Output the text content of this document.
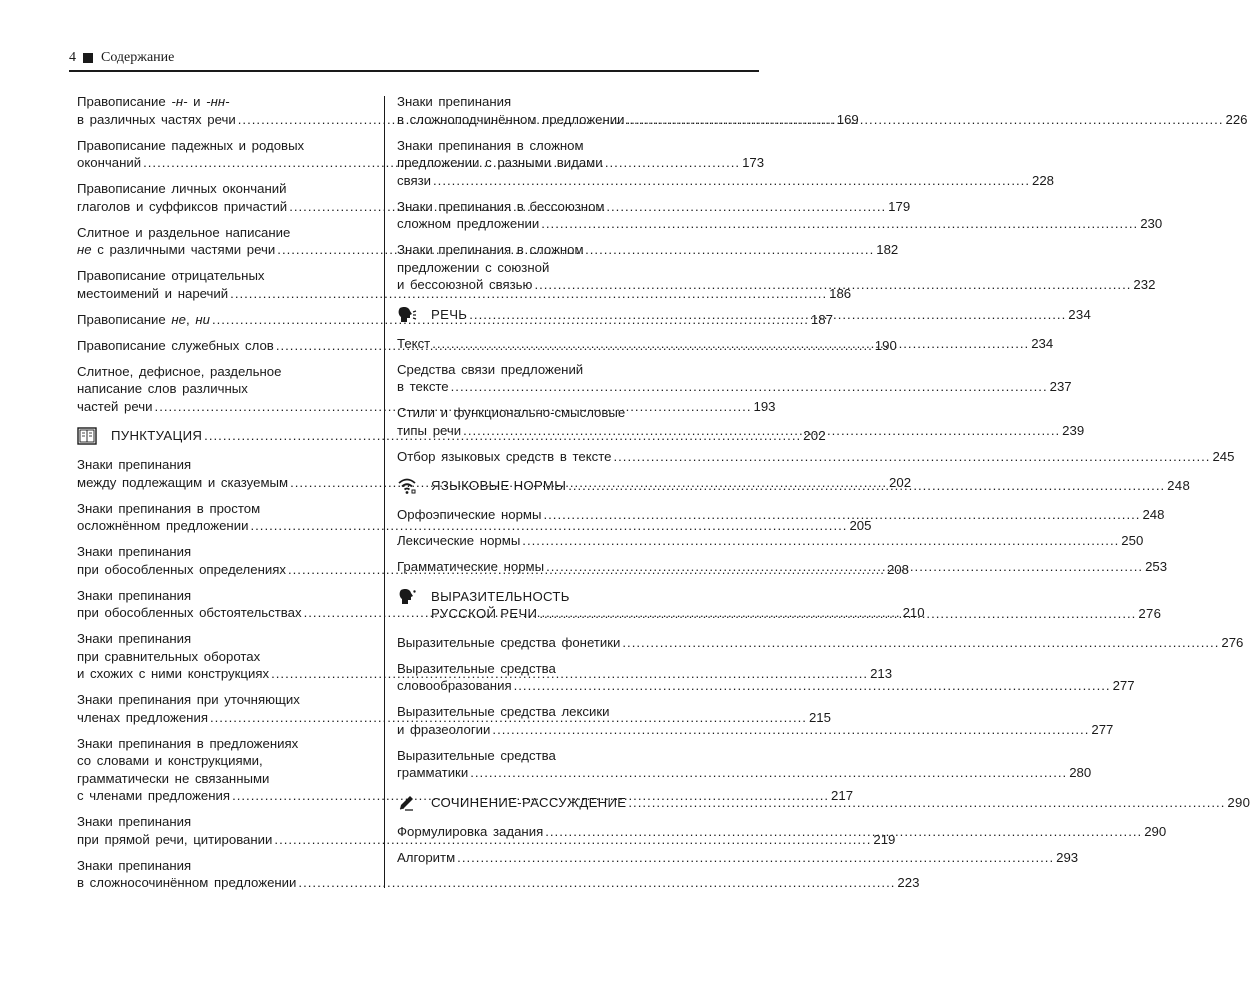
4 Содержание
Правописание -н- и -нн-
в различных частях речи .....	169
Правописание падежных и родовых
окончаний .....	173
Правописание личных окончаний
глаголов и суффиксов причастий .....	179
Слитное и раздельное написание
не с различными частями речи .....	182
Правописание отрицательных
местоимений и наречий .....	186
Правописание не, ни .....	187
Правописание служебных слов .....	190
Слитное, дефисное, раздельное
написание слов различных
частей речи .....	193
ПУНКТУАЦИЯ .....	202
Знаки препинания
между подлежащим и сказуемым .....	202
Знаки препинания в простом
осложнённом предложении .....	205
Знаки препинания
при обособленных определениях .....	208
Знаки препинания
при обособленных обстоятельствах .....	210
Знаки препинания
при сравнительных оборотах
и схожих с ними конструкциях .....	213
Знаки препинания при уточняющих
членах предложения .....	215
Знаки препинания в предложениях
со словами и конструкциями,
грамматически не связанными
с членами предложения .....	217
Знаки препинания
при прямой речи, цитировании .....	219
Знаки препинания
в сложносочинённом предложении .....	223
Знаки препинания
в сложноподчинённом предложении .....	226
Знаки препинания в сложном
предложении с разными видами
связи .....	228
Знаки препинания в бессоюзном
сложном предложении .....	230
Знаки препинания в сложном
предложении с союзной
и бессоюзной связью .....	232
РЕЧЬ .....	234
Текст .....	234
Средства связи предложений
в тексте .....	237
Стили и функционально-смысловые
типы речи .....	239
Отбор языковых средств в тексте .....	245
ЯЗЫКОВЫЕ НОРМЫ .....	248
Орфоэпические нормы .....	248
Лексические нормы .....	250
Грамматические нормы .....	253
ВЫРАЗИТЕЛЬНОСТЬ
РУССКОЙ РЕЧИ .....	276
Выразительные средства фонетики .....	276
Выразительные средства
словообразования .....	277
Выразительные средства лексики
и фразеологии .....	277
Выразительные средства
грамматики .....	280
СОЧИНЕНИЕ-РАССУЖДЕНИЕ .....	290
Формулировка задания .....	290
Алгоритм .....	293
